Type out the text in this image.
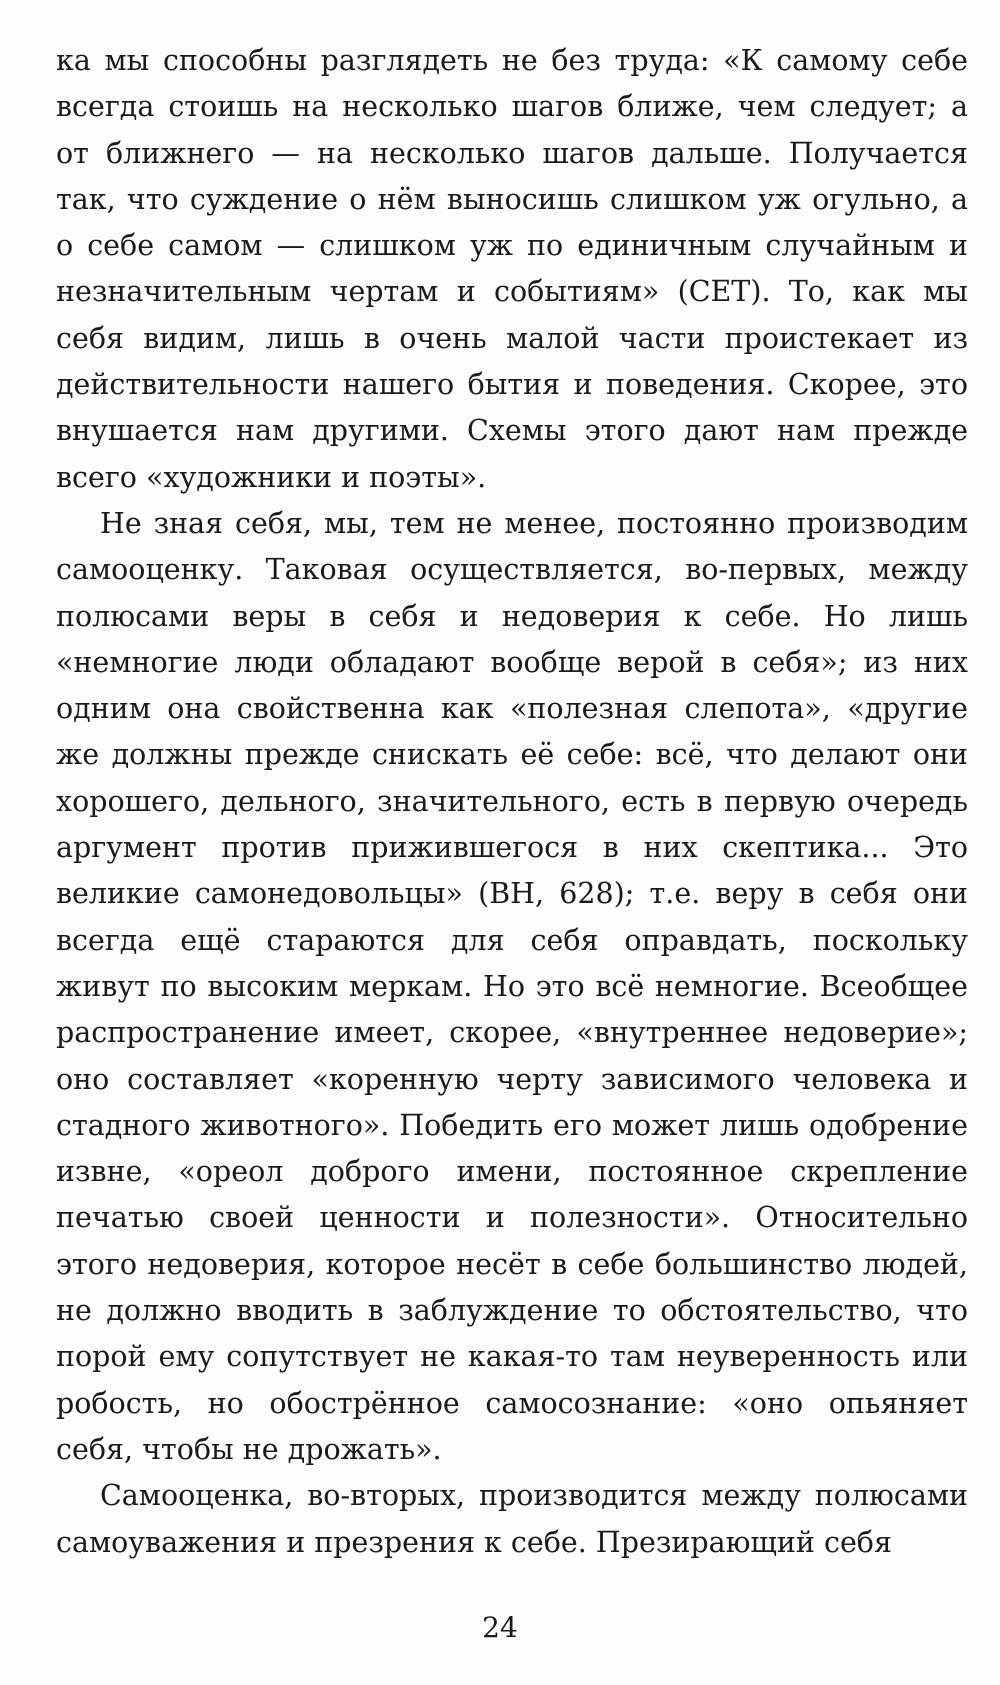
ка мы способны разглядеть не без труда: «К самому себе всегда стоишь на несколько шагов ближе, чем следует; а от ближнего — на несколько шагов дальше. Получается так, что суждение о нём выносишь слишком уж огульно, а о себе самом — слишком уж по единичным случайным и незначительным чертам и событиям» (CET). То, как мы себя видим, лишь в очень малой части проистекает из действительности нашего бытия и поведения. Скорее, это внушается нам другими. Схемы этого дают нам прежде всего «художники и поэты».

Не зная себя, мы, тем не менее, постоянно производим самооценку. Таковая осуществляется, во-первых, между полюсами веры в себя и недоверия к себе. Но лишь «немногие люди обладают вообще верой в себя»; из них одним она свойственна как «полезная слепота», «другие же должны прежде снискать её себе: всё, что делают они хорошего, дельного, значительного, есть в первую очередь аргумент против прижившегося в них скептика... Это великие самонедовольцы» (ВН, 628); т.е. веру в себя они всегда ещё стараются для себя оправдать, поскольку живут по высоким меркам. Но это всё немногие. Всеобщее распространение имеет, скорее, «внутреннее недоверие»; оно составляет «коренную черту зависимого человека и стадного животного». Победить его может лишь одобрение извне, «ореол доброго имени, постоянное скрепление печатью своей ценности и полезности». Относительно этого недоверия, которое несёт в себе большинство людей, не должно вводить в заблуждение то обстоятельство, что порой ему сопутствует не какая-то там неуверенность или робость, но обострённое самосознание: «оно опьяняет себя, чтобы не дрожать».

Самооценка, во-вторых, производится между полюсами самоуважения и презрения к себе. Презирающий себя

24
